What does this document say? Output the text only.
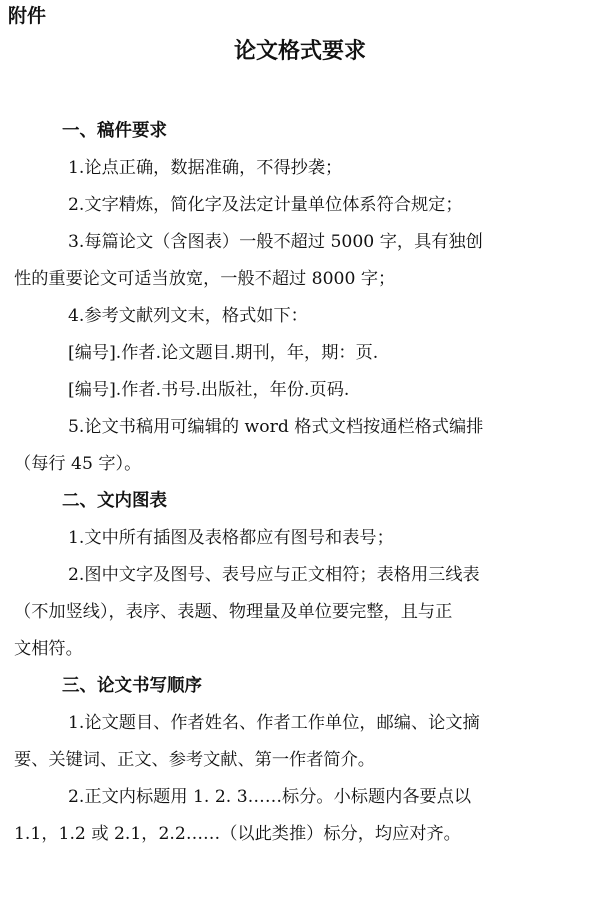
附件
论文格式要求
一、稿件要求
1.论点正确，数据准确，不得抄袭；
2.文字精炼，简化字及法定计量单位体系符合规定；
3.每篇论文（含图表）一般不超过 5000 字，具有独创
性的重要论文可适当放宽，一般不超过 8000 字；
4.参考文献列文末，格式如下：
[编号].作者.论文题目.期刊，年，期：页.
[编号].作者.书号.出版社，年份.页码.
5.论文书稿用可编辑的 word 格式文档按通栏格式编排
（每行 45 字）。
二、文内图表
1.文中所有插图及表格都应有图号和表号；
2.图中文字及图号、表号应与正文相符；表格用三线表
（不加竖线），表序、表题、物理量及单位要完整，且与正
文相符。
三、论文书写顺序
1.论文题目、作者姓名、作者工作单位，邮编、论文摘
要、关键词、正文、参考文献、第一作者简介。
2.正文内标题用 1. 2. 3……标分。小标题内各要点以
1.1，1.2 或 2.1，2.2……（以此类推）标分，均应对齐。
